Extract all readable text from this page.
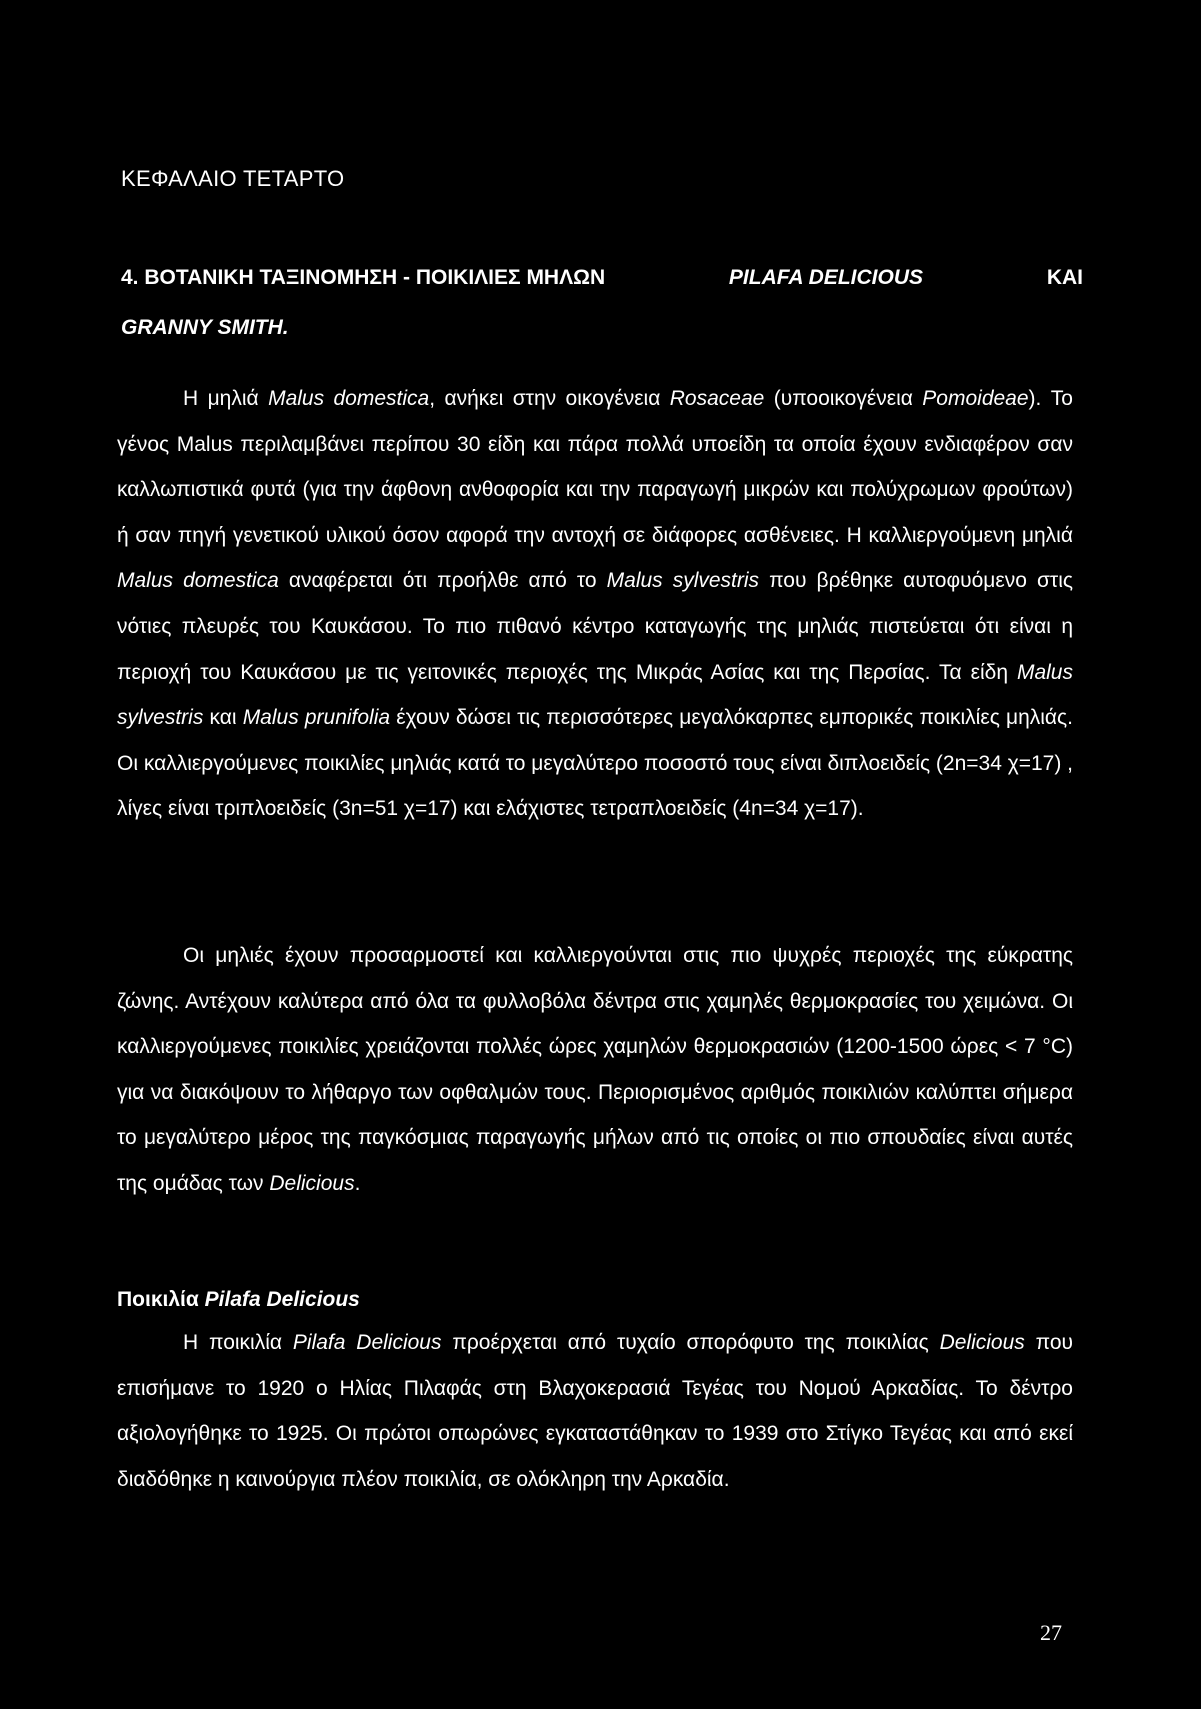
ΚΕΦΑΛΑΙΟ ΤΕΤΑΡΤΟ
4. ΒΟΤΑΝΙΚΗ ΤΑΞΙΝΟΜΗΣΗ - ΠΟΙΚΙΛΙΕΣ ΜΗΛΩΝ	PILAFA DELICIOUS	ΚΑΙ
GRANNY SMITH.
Η μηλιά Malus domestica, ανήκει στην οικογένεια Rosaceae (υποοικογένεια Pomoideae). Το γένος Malus περιλαμβάνει περίπου 30 είδη και πάρα πολλά υποείδη τα οποία έχουν ενδιαφέρον σαν καλλωπιστικά φυτά (για την άφθονη ανθοφορία και την παραγωγή μικρών και πολύχρωμων φρούτων) ή σαν πηγή γενετικού υλικού όσον αφορά την αντοχή σε διάφορες ασθένειες. Η καλλιεργούμενη μηλιά Malus domestica αναφέρεται ότι προήλθε από το Malus sylvestris που βρέθηκε αυτοφυόμενο στις νότιες πλευρές του Καυκάσου. Το πιο πιθανό κέντρο καταγωγής της μηλιάς πιστεύεται ότι είναι η περιοχή του Καυκάσου με τις γειτονικές περιοχές της Μικράς Ασίας και της Περσίας. Τα είδη Malus sylvestris και Malus prunifolia έχουν δώσει τις περισσότερες μεγαλόκαρπες εμπορικές ποικιλίες μηλιάς. Οι καλλιεργούμενες ποικιλίες μηλιάς κατά το μεγαλύτερο ποσοστό τους είναι διπλοειδείς (2n=34 χ=17) , λίγες είναι τριπλοειδείς (3n=51 χ=17) και ελάχιστες τετραπλοειδείς (4n=34 χ=17).
Οι μηλιές έχουν προσαρμοστεί και καλλιεργούνται στις πιο ψυχρές περιοχές της εύκρατης ζώνης. Αντέχουν καλύτερα από όλα τα φυλλοβόλα δέντρα στις χαμηλές θερμοκρασίες του χειμώνα. Οι καλλιεργούμενες ποικιλίες χρειάζονται πολλές ώρες χαμηλών θερμοκρασιών (1200-1500 ώρες < 7 °C) για να διακόψουν το λήθαργο των οφθαλμών τους. Περιορισμένος αριθμός ποικιλιών καλύπτει σήμερα το μεγαλύτερο μέρος της παγκόσμιας παραγωγής μήλων από τις οποίες οι πιο σπουδαίες είναι αυτές της ομάδας των Delicious.
Ποικιλία Pilafa Delicious
Η ποικιλία Pilafa Delicious προέρχεται από τυχαίο σπορόφυτο της ποικιλίας Delicious που επισήμανε το 1920 ο Ηλίας Πιλαφάς στη Βλαχοκερασιά Τεγέας του Νομού Αρκαδίας. Το δέντρο αξιολογήθηκε το 1925. Οι πρώτοι οπωρώνες εγκαταστάθηκαν το 1939 στο Στίγκο Τεγέας και από εκεί διαδόθηκε η καινούργια πλέον ποικιλία, σε ολόκληρη την Αρκαδία.
27
